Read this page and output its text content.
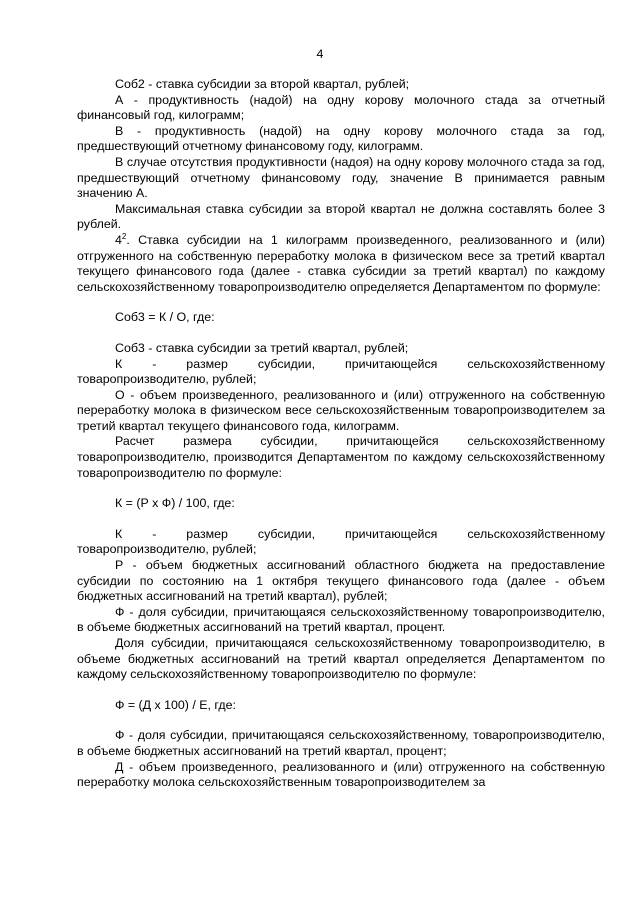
4

Соб2 - ставка субсидии за второй квартал, рублей;

А - продуктивность (надой) на одну корову молочного стада за отчетный финансовый год, килограмм;

В - продуктивность (надой) на одну корову молочного стада за год, предшествующий отчетному финансовому году, килограмм.

В случае отсутствия продуктивности (надоя) на одну корову молочного стада за год, предшествующий отчетному финансовому году, значение В принимается равным значению А.

Максимальная ставка субсидии за второй квартал не должна составлять более 3 рублей.

$4^2$. Ставка субсидии на 1 килограмм произведенного, реализованного и (или) отгруженного на собственную переработку молока в физическом весе за третий квартал текущего финансового года (далее - ставка субсидии за третий квартал) по каждому сельскохозяйственному товаропроизводителю определяется Департаментом по формуле:

Соб3 = К / О, где:

Соб3 - ставка субсидии за третий квартал, рублей;

К - размер субсидии, причитающейся сельскохозяйственному товаропроизводителю, рублей;

О - объем произведенного, реализованного и (или) отгруженного на собственную переработку молока в физическом весе сельскохозяйственным товаропроизводителем за третий квартал текущего финансового года, килограмм.

Расчет размера субсидии, причитающейся сельскохозяйственному товаропроизводителю, производится Департаментом по каждому сельскохозяйственному товаропроизводителю по формуле:

К = (Р х Ф) / 100, где:

К - размер субсидии, причитающейся сельскохозяйственному товаропроизводителю, рублей;

Р - объем бюджетных ассигнований областного бюджета на предоставление субсидии по состоянию на 1 октября текущего финансового года (далее - объем бюджетных ассигнований на третий квартал), рублей;

Ф - доля субсидии, причитающаяся сельскохозяйственному товаропроизводителю, в объеме бюджетных ассигнований на третий квартал, процент.

Доля субсидии, причитающаяся сельскохозяйственному товаропроизводителю, в объеме бюджетных ассигнований на третий квартал определяется Департаментом по каждому сельскохозяйственному товаропроизводителю по формуле:

Ф = (Д х 100) / Е, где:

Ф - доля субсидии, причитающаяся сельскохозяйственному, товаропроизводителю, в объеме бюджетных ассигнований на третий квартал, процент;

Д - объем произведенного, реализованного и (или) отгруженного на собственную переработку молока сельскохозяйственным товаропроизводителем за
